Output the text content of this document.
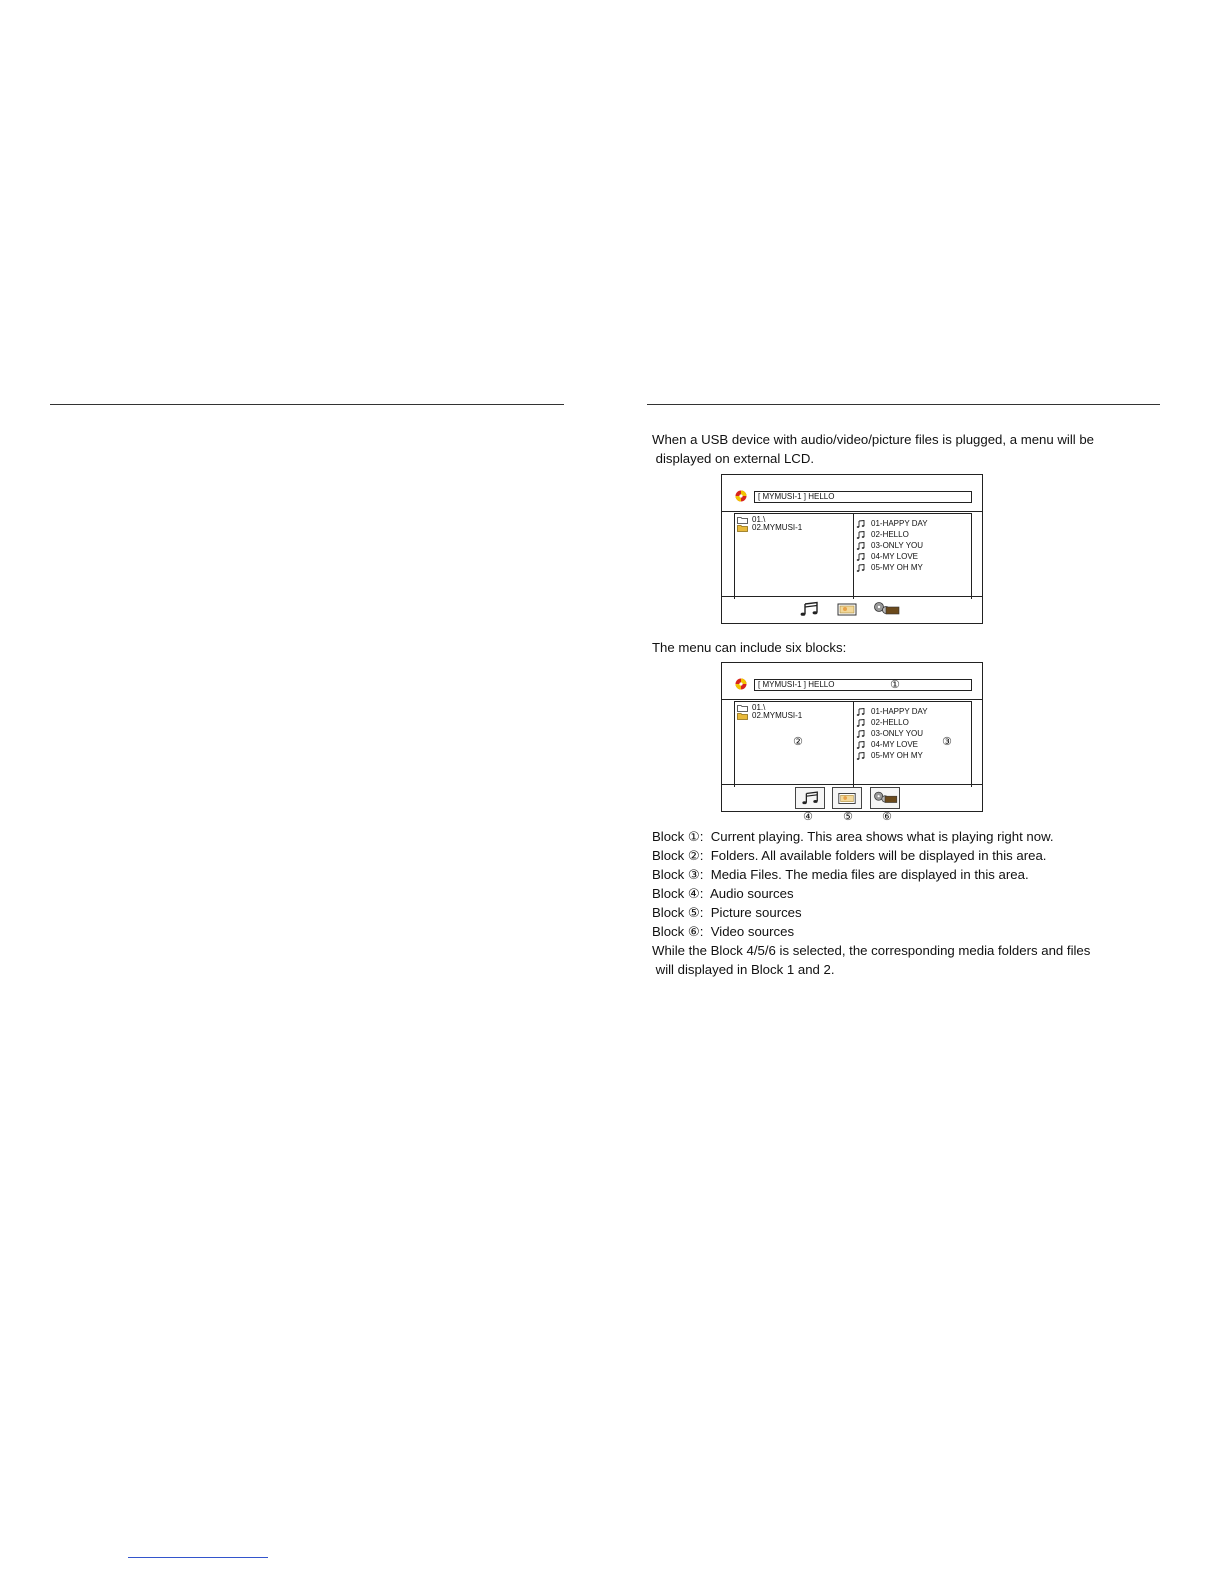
When a USB device with audio/video/picture files is plugged, a menu will be
displayed on external LCD.

[ MYMUSI-1 ] HELLO
01.\
02.MYMUSI-1	01-HAPPY DAY
02-HELLO
03-ONLY YOU
04-MY LOVE
05-MY OH MY

The menu can include six blocks:

[ MYMUSI-1 ] HELLO	①
01.\
02.MYMUSI-1
②
01-HAPPY DAY
02-HELLO
03-ONLY YOU
04-MY LOVE
05-MY OH MY
③
④	⑤	⑥

Block ①:  Current playing. This area shows what is playing right now.
Block ②:  Folders. All available folders will be displayed in this area.
Block ③:  Media Files. The media files are displayed in this area.
Block ④:  Audio sources
Block ⑤:  Picture sources
Block ⑥:  Video sources
While the Block 4/5/6 is selected, the corresponding media folders and files
will displayed in Block 1 and 2.
